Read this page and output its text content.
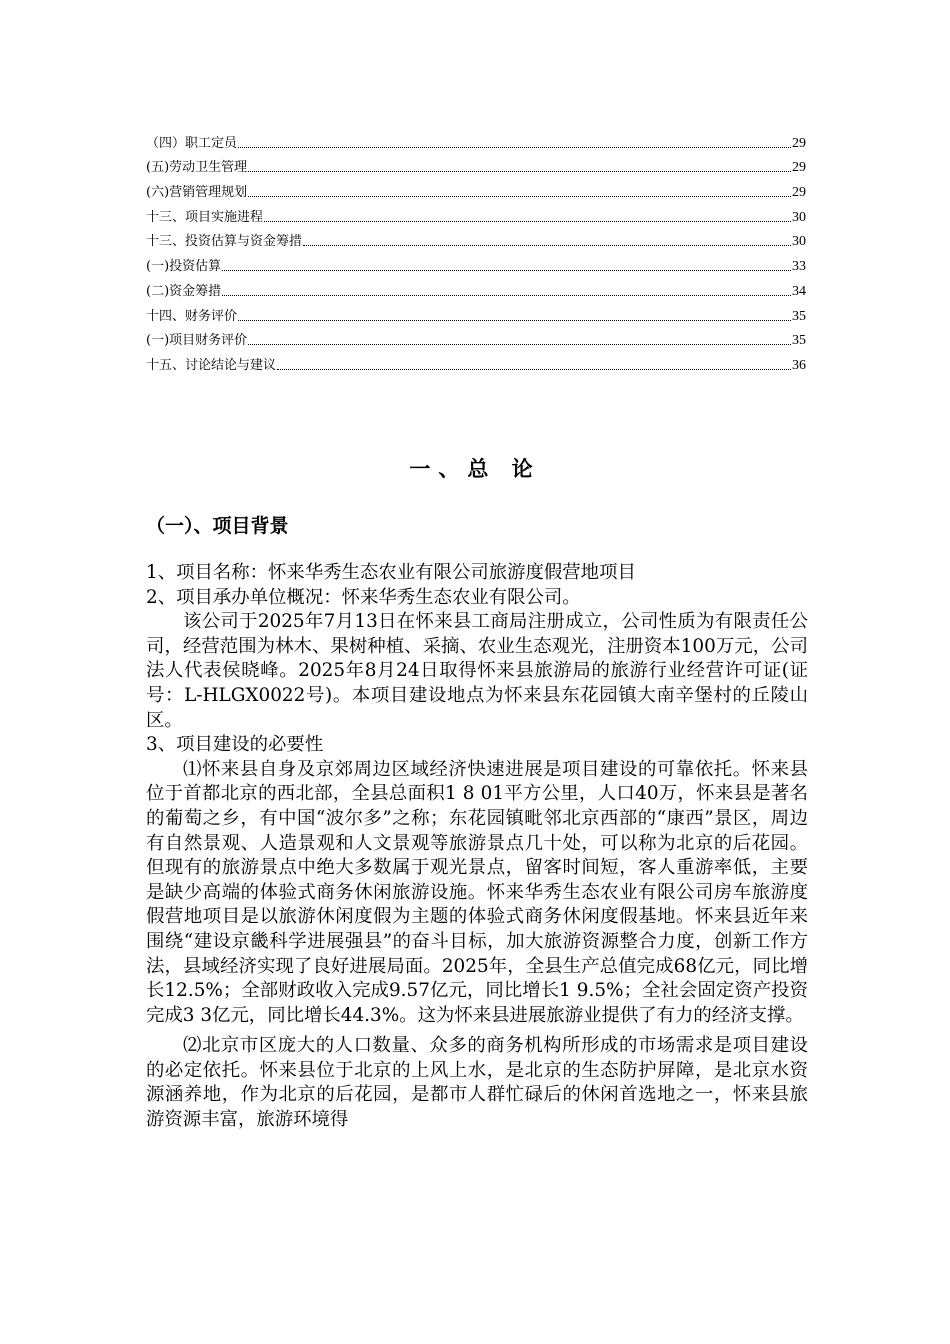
（四）职工定员	29
(五)劳动卫生管理	29
(六)营销管理规划	29
十三、项目实施进程	30
十三、投资估算与资金筹措	30
(一)投资估算	33
(二)资金筹措	34
十四、财务评价	35
(一)项目财务评价	35
十五、讨论结论与建议	36
一、总 论
（一）、项目背景

1、项目名称：怀来华秀生态农业有限公司旅游度假营地项目

2、项目承办单位概况：怀来华秀生态农业有限公司。

该公司于2025年7月13日在怀来县工商局注册成立，公司性质为有限责任公司，经营范围为林木、果树种植、采摘、农业生态观光，注册资本100万元，公司法人代表侯晓峰。2025年8月24日取得怀来县旅游局的旅游行业经营许可证(证号：L-HLGX0022号)。本项目建设地点为怀来县东花园镇大南辛堡村的丘陵山区。

3、项目建设的必要性

⑴怀来县自身及京郊周边区域经济快速进展是项目建设的可靠依托。怀来县位于首都北京的西北部，全县总面积1 8 01平方公里，人口40万，怀来县是著名的葡萄之乡，有中国“波尔多”之称；东花园镇毗邻北京西部的“康西”景区，周边有自然景观、人造景观和人文景观等旅游景点几十处，可以称为北京的后花园。但现有的旅游景点中绝大多数属于观光景点，留客时间短，客人重游率低，主要是缺少高端的体验式商务休闲旅游设施。怀来华秀生态农业有限公司房车旅游度假营地项目是以旅游休闲度假为主题的体验式商务休闲度假基地。怀来县近年来围绕“建设京畿科学进展强县”的奋斗目标，加大旅游资源整合力度，创新工作方法，县域经济实现了良好进展局面。2025年，全县生产总值完成68亿元，同比增长12.5%；全部财政收入完成9.57亿元，同比增长1 9.5%；全社会固定资产投资完成3 3亿元，同比增长44.3%。这为怀来县进展旅游业提供了有力的经济支撑。

⑵北京市区庞大的人口数量、众多的商务机构所形成的市场需求是项目建设的必定依托。怀来县位于北京的上风上水，是北京的生态防护屏障，是北京水资源涵养地，作为北京的后花园，是都市人群忙碌后的休闲首选地之一，怀来县旅游资源丰富，旅游环境得
